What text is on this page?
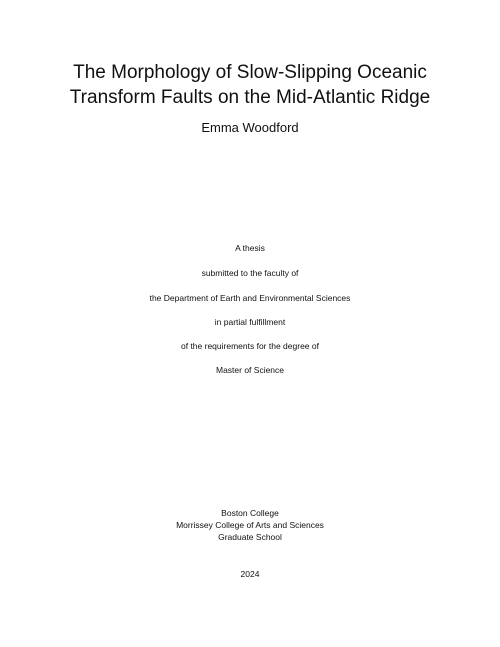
The Morphology of Slow-Slipping Oceanic
Transform Faults on the Mid-Atlantic Ridge
Emma Woodford
A thesis
submitted to the faculty of
the Department of Earth and Environmental Sciences
in partial fulfillment
of the requirements for the degree of
Master of Science
Boston College
Morrissey College of Arts and Sciences
Graduate School
2024
